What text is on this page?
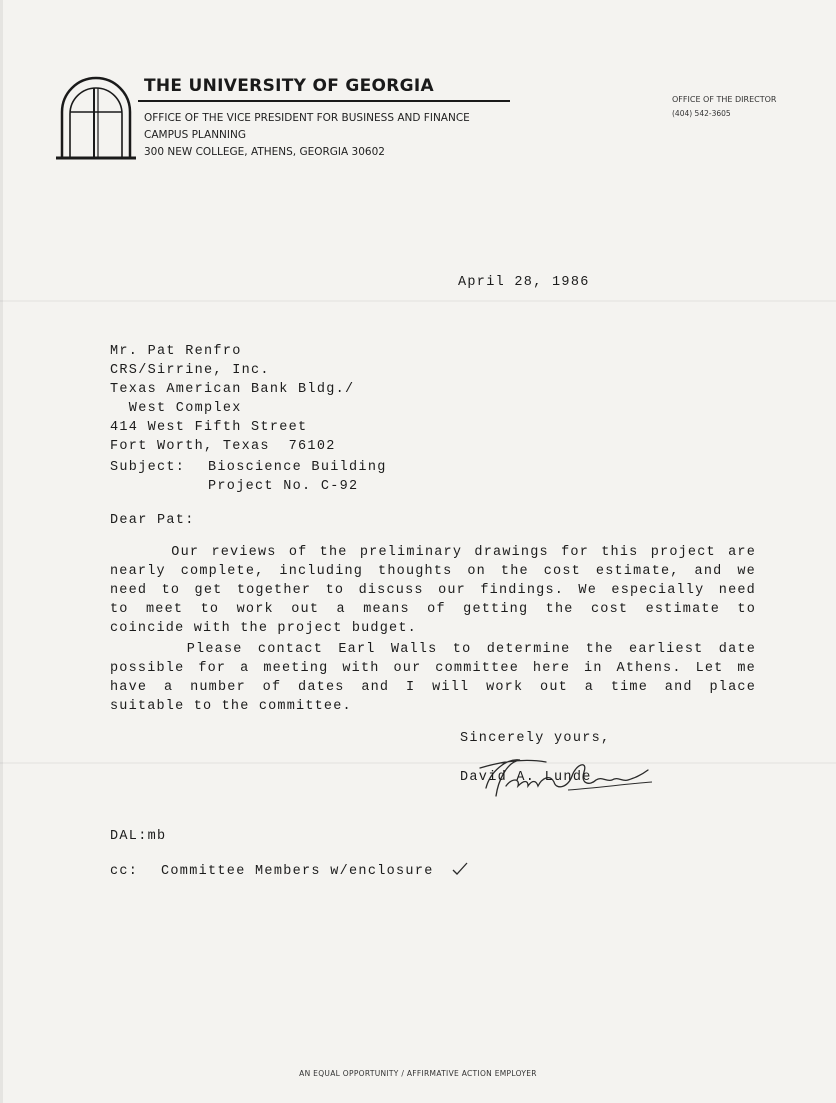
THE UNIVERSITY OF GEORGIA
OFFICE OF THE VICE PRESIDENT FOR BUSINESS AND FINANCE
CAMPUS PLANNING
300 NEW COLLEGE, ATHENS, GEORGIA 30602
OFFICE OF THE DIRECTOR
(404) 542-3605
April 28, 1986
Mr. Pat Renfro
CRS/Sirrine, Inc.
Texas American Bank Bldg./
West Complex
414 West Fifth Street
Fort Worth, Texas  76102
Subject: Bioscience Building
Project No. C-92
Dear Pat:
Our reviews of the preliminary drawings for this project are
nearly complete, including thoughts on the cost estimate, and we
need to get together to discuss our findings. We especially need
to meet to work out a means of getting the cost estimate to
coincide with the project budget.
Please contact Earl Walls to determine the earliest date
possible for a meeting with our committee here in Athens. Let me
have a number of dates and I will work out a time and place
suitable to the committee.
Sincerely yours,
David A. Lunde
DAL:mb
cc: Committee Members w/enclosure
AN EQUAL OPPORTUNITY / AFFIRMATIVE ACTION EMPLOYER
